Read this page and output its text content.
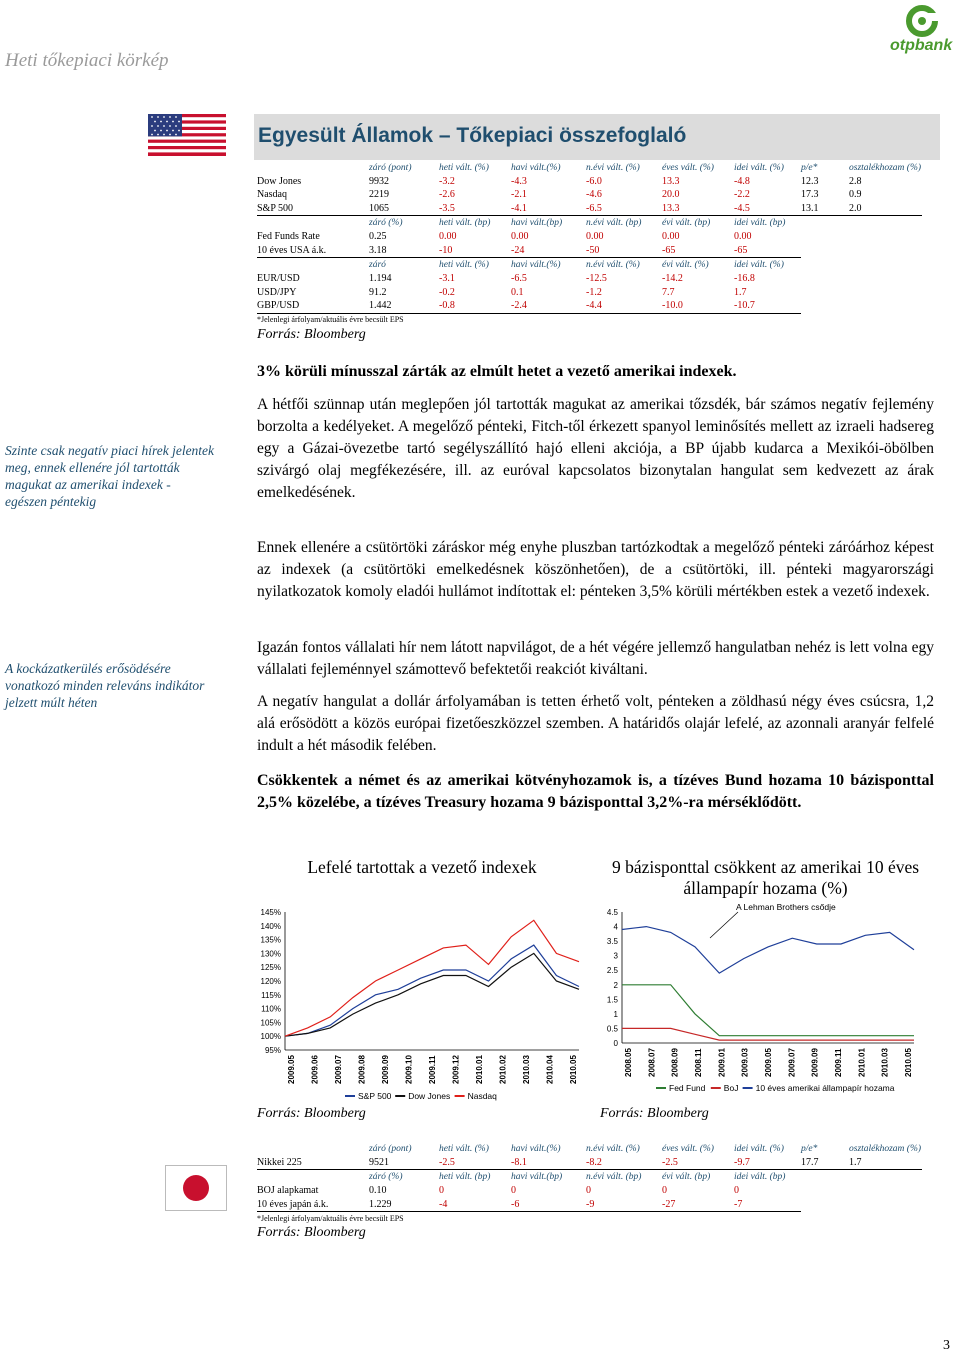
Heti tőkepiaci körkép
otpbank
Egyesült Államok – Tőkepiaci összefoglaló
	záró (pont)	heti vált. (%)	havi vált.(%)	n.évi vált. (%)	éves vált. (%)	idei vált. (%)	p/e*	osztalékhozam (%)
Dow Jones	9932	-3.2	-4.3	-6.0	13.3	-4.8	12.3	2.8
Nasdaq	2219	-2.6	-2.1	-4.6	20.0	-2.2	17.3	0.9
S&P 500	1065	-3.5	-4.1	-6.5	13.3	-4.5	13.1	2.0
	záró (%)	heti vált. (bp)	havi vált.(bp)	n.évi vált. (bp)	évi vált. (bp)	idei vált. (bp)		
Fed Funds Rate	0.25	0.00	0.00	0.00	0.00	0.00		
10 éves USA á.k.	3.18	-10	-24	-50	-65	-65		
	záró	heti vált. (%)	havi vált.(%)	n.évi vált. (%)	évi vált. (%)	idei vált. (%)		
EUR/USD	1.194	-3.1	-6.5	-12.5	-14.2	-16.8		
USD/JPY	91.2	-0.2	0.1	-1.2	7.7	1.7		
GBP/USD	1.442	-0.8	-2.4	-4.4	-10.0	-10.7		
*Jelenlegi árfolyam/aktuális évre becsült EPS
Forrás: Bloomberg
3% körüli mínusszal zárták az elmúlt hetet a vezető amerikai indexek.
A hétfői szünnap után meglepően jól tartották magukat az amerikai tőzsdék, bár számos negatív fejlemény borzolta a kedélyeket. A megelőző pénteki, Fitch-től érkezett spanyol leminősítés mellett az izraeli hadsereg egy a Gázai-övezetbe tartó segélyszállító hajó elleni akciója, a BP újabb kudarca a Mexikói-öbölben szivárgó olaj megfékezésére, ill. az euróval kapcsolatos bizonytalan hangulat sem kedvezett az árak emelkedésének.
Ennek ellenére a csütörtöki záráskor még enyhe pluszban tartózkodtak a megelőző pénteki záróárhoz képest az indexek (a csütörtöki emelkedésnek köszönhetően), de a csütörtöki, ill. pénteki magyarországi nyilatkozatok komoly eladói hullámot indítottak el: pénteken 3,5% körüli mértékben estek a vezető indexek.
Igazán fontos vállalati hír nem látott napvilágot, de a hét végére jellemző hangulatban nehéz is lett volna egy vállalati fejleménnyel számottevő befektetői reakciót kiváltani.
A negatív hangulat a dollár árfolyamában is tetten érhető volt, pénteken a zöldhasú négy éves csúcsra, 1,2 alá erősödött a közös európai fizetőeszközzel szemben. A határidős olajár lefelé, az azonnali aranyár felfelé indult a hét második felében.
Csökkentek a német és az amerikai kötvényhozamok is, a tízéves Bund hozama 10 bázisponttal 2,5% közelébe, a tízéves Treasury hozama 9 bázisponttal 3,2%-ra mérséklődött.
Szinte csak negatív piaci hírek jelentek meg, ennek ellenére jól tartották magukat az amerikai indexek - egészen péntekig
A kockázatkerülés erősödésére vonatkozó minden releváns indikátor jelzett múlt héten
Lefelé tartottak a vezető indexek
145%
140%
135%
130%
125%
120%
115%
110%
105%
100%
95%
2009.05 2009.06 2009.07 2009.08 2009.09 2009.10 2009.11 2009.12 2010.01 2010.02 2010.03 2010.04 2010.05
S&P 500 Dow Jones Nasdaq
Forrás: Bloomberg
9 bázisponttal csökkent az amerikai 10 éves állampapír hozama (%)
4.5
4
3.5
3
2.5
2
1.5
1
0.5
0
2008.05 2008.07 2008.09 2008.11 2009.01 2009.03 2009.05 2009.07 2009.09 2009.11 2010.01 2010.03 2010.05
Fed Fund BoJ 10 éves amerikai állampapír hozama
A Lehman Brothers csődje
Forrás: Bloomberg
	záró (pont)	heti vált. (%)	havi vált.(%)	n.évi vált. (%)	éves vált. (%)	idei vált. (%)	p/e*	osztalékhozam (%)
Nikkei 225	9521	-2.5	-8.1	-8.2	-2.5	-9.7	17.7	1.7
	záró (%)	heti vált. (bp)	havi vált.(bp)	n.évi vált. (bp)	évi vált. (bp)	idei vált. (bp)		
BOJ alapkamat	0.10	0	0	0	0	0		
10 éves japán á.k.	1.229	-4	-6	-9	-27	-7		
*Jelenlegi árfolyam/aktuális évre becsült EPS
Forrás: Bloomberg
3
